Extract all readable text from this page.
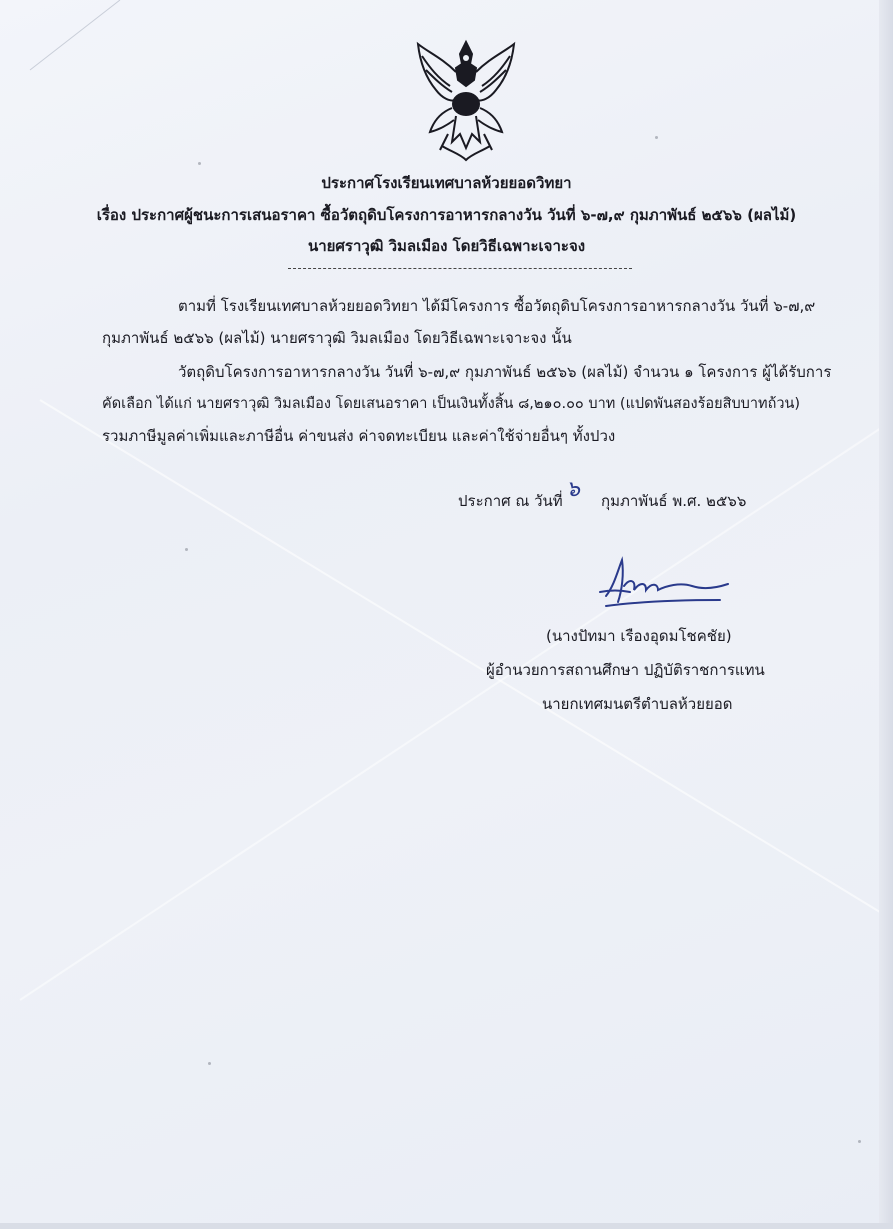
ประกาศโรงเรียนเทศบาลห้วยยอดวิทยา
เรื่อง ประกาศผู้ชนะการเสนอราคา ซื้อวัตถุดิบโครงการอาหารกลางวัน วันที่ ๖-๗,๙ กุมภาพันธ์ ๒๕๖๖ (ผลไม้)
นายศราวุฒิ วิมลเมือง โดยวิธีเฉพาะเจาะจง
ตามที่ โรงเรียนเทศบาลห้วยยอดวิทยา ได้มีโครงการ ซื้อวัตถุดิบโครงการอาหารกลางวัน วันที่ ๖-๗,๙
กุมภาพันธ์ ๒๕๖๖ (ผลไม้) นายศราวุฒิ วิมลเมือง โดยวิธีเฉพาะเจาะจง นั้น
วัตถุดิบโครงการอาหารกลางวัน วันที่ ๖-๗,๙ กุมภาพันธ์ ๒๕๖๖ (ผลไม้) จำนวน ๑ โครงการ ผู้ได้รับการ
คัดเลือก ได้แก่ นายศราวุฒิ วิมลเมือง โดยเสนอราคา เป็นเงินทั้งสิ้น ๘,๒๑๐.๐๐ บาท (แปดพันสองร้อยสิบบาทถ้วน)
รวมภาษีมูลค่าเพิ่มและภาษีอื่น ค่าขนส่ง ค่าจดทะเบียน และค่าใช้จ่ายอื่นๆ ทั้งปวง
ประกาศ ณ วันที่ ๖ กุมภาพันธ์ พ.ศ. ๒๕๖๖
(นางปัทมา เรืองอุดมโชคชัย)
ผู้อำนวยการสถานศึกษา ปฏิบัติราชการแทน
นายกเทศมนตรีตำบลห้วยยอด
